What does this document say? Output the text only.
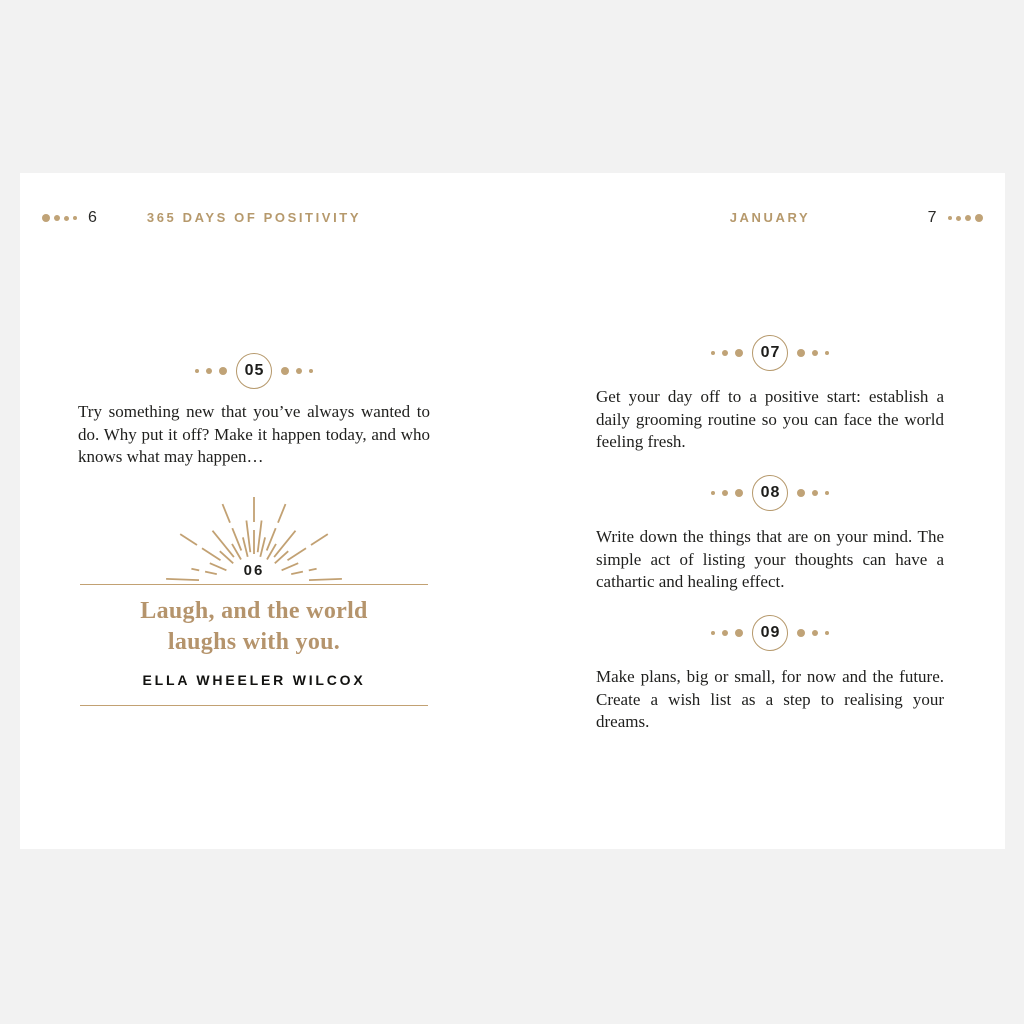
6	365 DAYS OF POSITIVITY	JANUARY	7
05
Try something new that you’ve always wanted to do. Why put it off? Make it happen today, and who knows what may happen…
06
Laugh, and the world laughs with you.
ELLA WHEELER WILCOX
07
Get your day off to a positive start: establish a daily grooming routine so you can face the world feeling fresh.
08
Write down the things that are on your mind. The simple act of listing your thoughts can have a cathartic and healing effect.
09
Make plans, big or small, for now and the future. Create a wish list as a step to realising your dreams.
